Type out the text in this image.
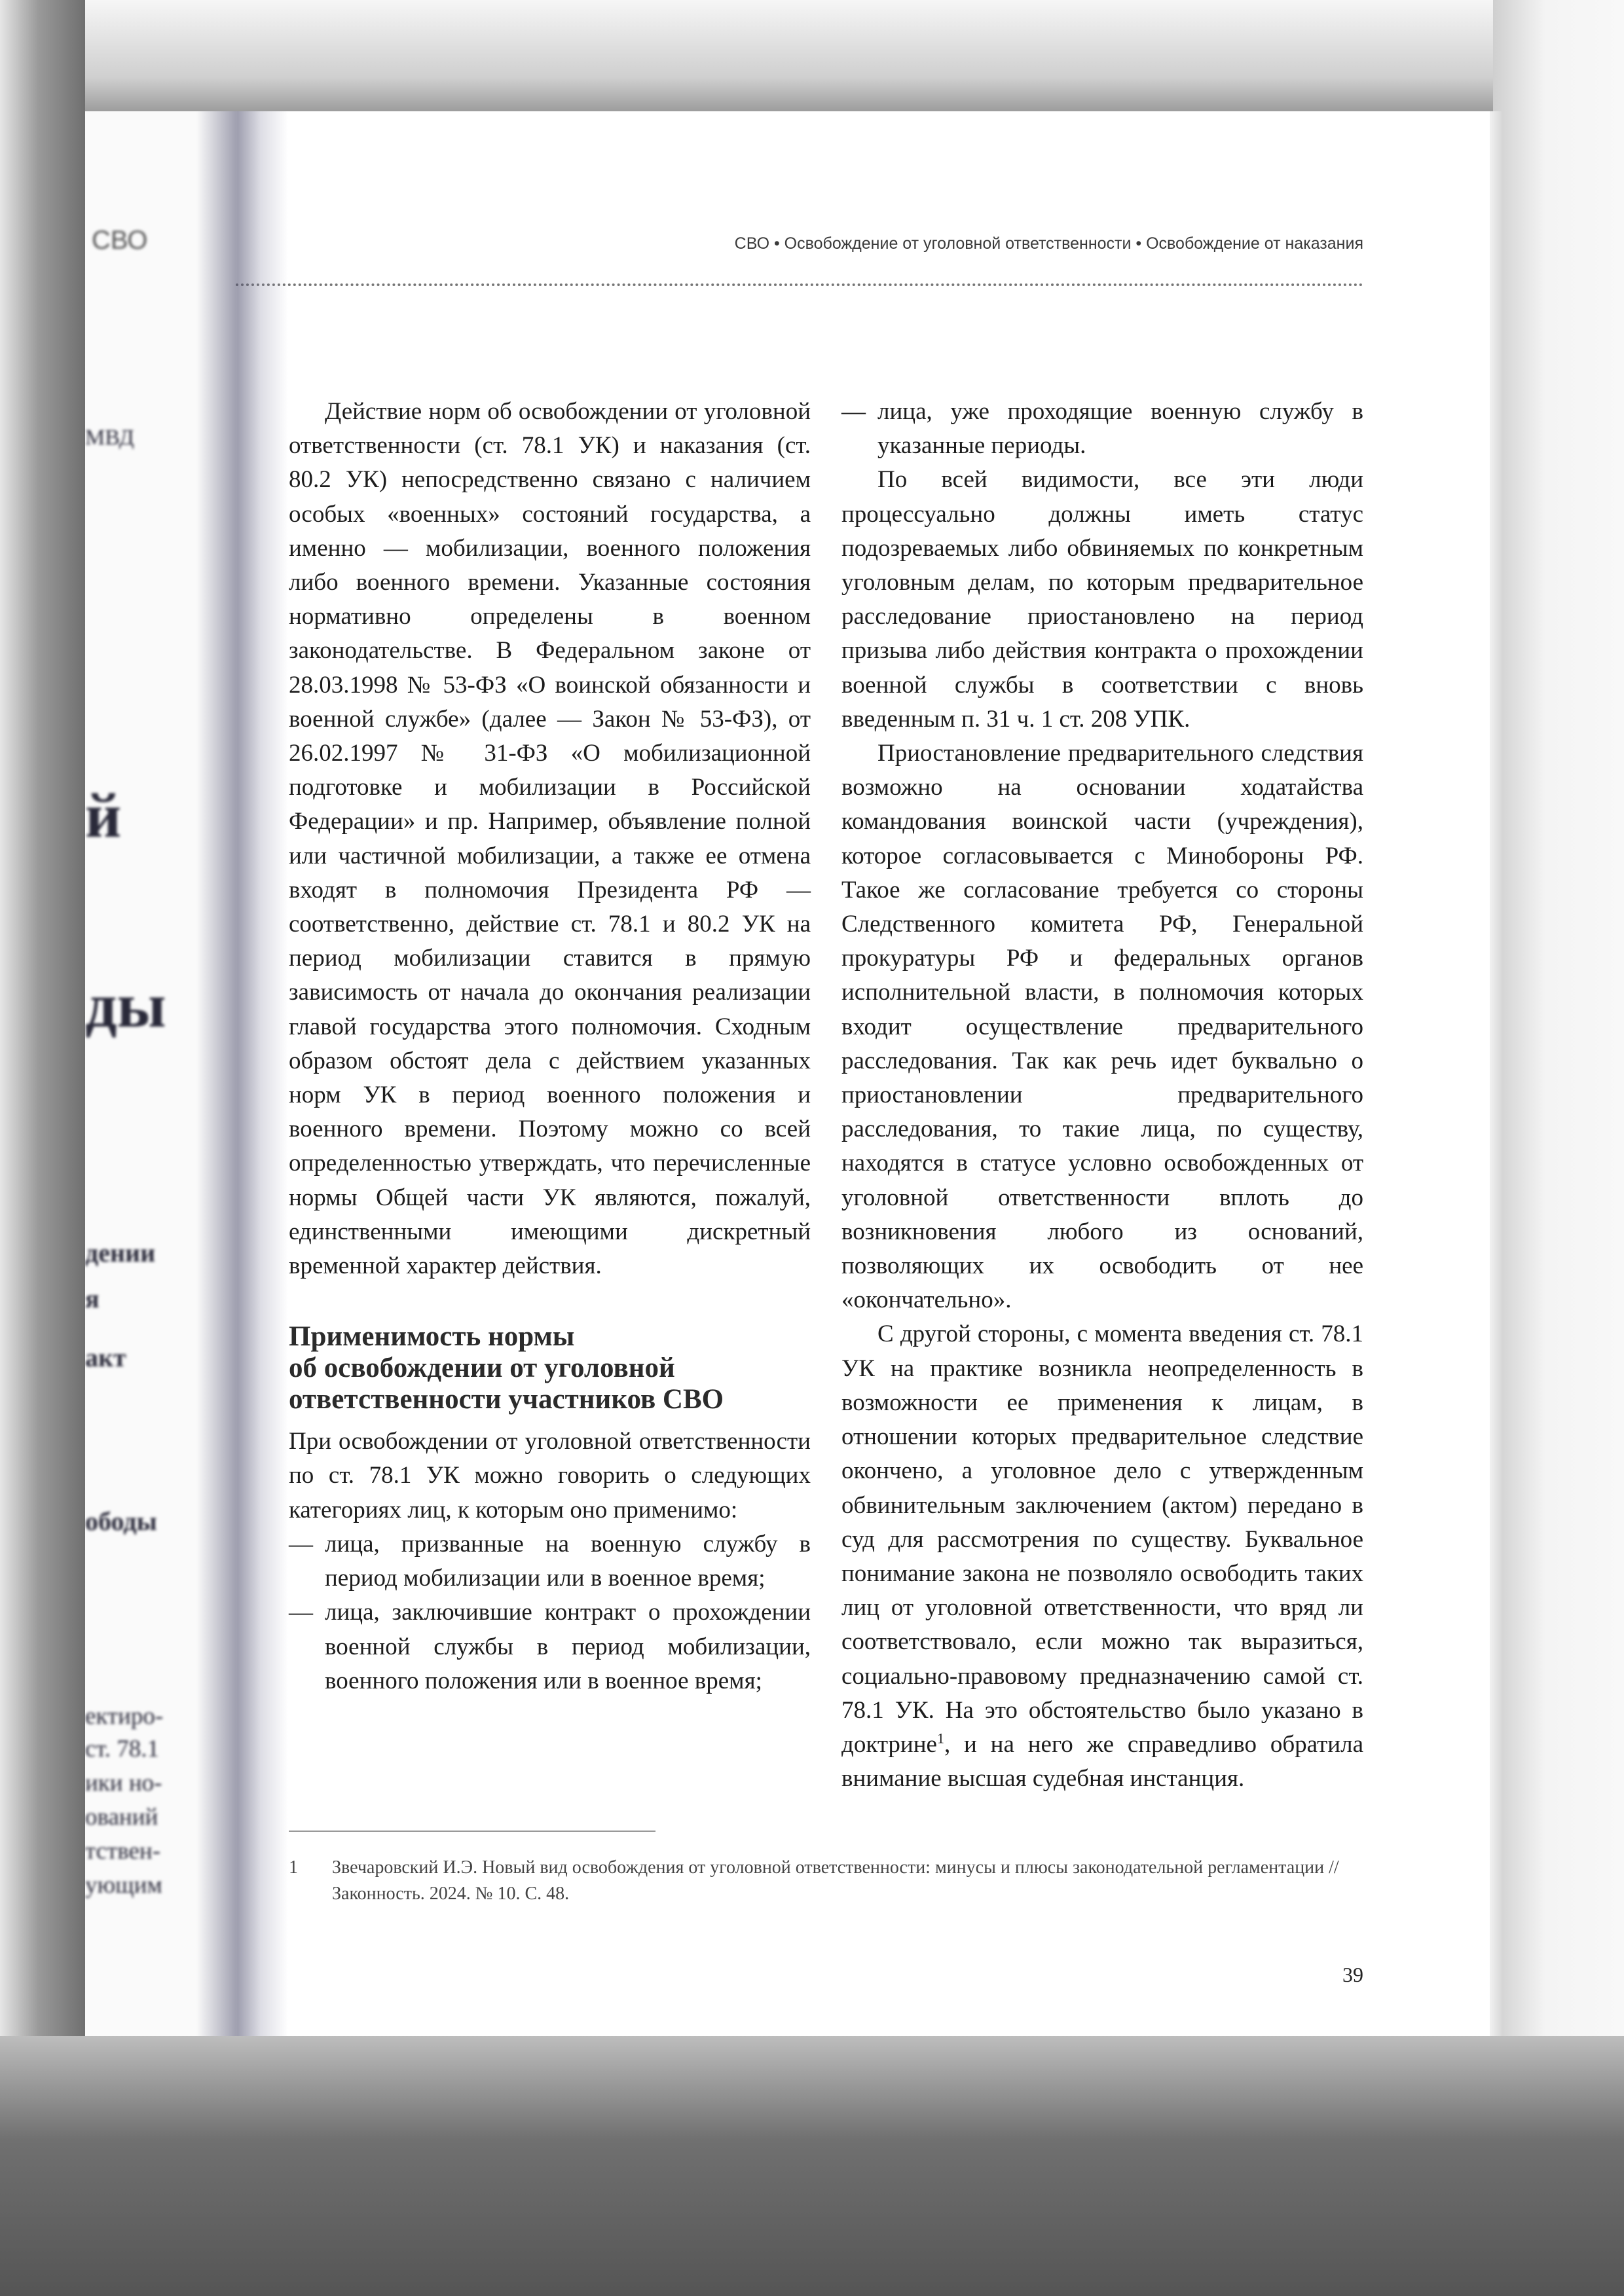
СВО
МВД
й
ды
дении
я
акт
ободы
ектиро-
ст. 78.1
ики но-
ований
тствен-
ующим
СВО • Освобождение от уголовной ответственности • Освобождение от наказания

Действие норм об освобождении от уголовной ответственности (ст. 78.1 УК) и наказания (ст. 80.2 УК) непосредственно связано с наличием особых «военных» состояний государства, а именно — мобилизации, военного положения либо военного времени. Указанные состояния нормативно определены в военном законодательстве. В Федеральном законе от 28.03.1998 № 53-ФЗ «О воинской обязанности и военной службе» (далее — Закон № 53-ФЗ), от 26.02.1997 № 31-ФЗ «О мобилизационной подготовке и мобилизации в Российской Федерации» и пр. Например, объявление полной или частичной мобилизации, а также ее отмена входят в полномочия Президента РФ — соответственно, действие ст. 78.1 и 80.2 УК на период мобилизации ставится в прямую зависимость от начала до окончания реализации главой государства этого полномочия. Сходным образом обстоят дела с действием указанных норм УК в период военного положения и военного времени. Поэтому можно со всей определенностью утверждать, что перечисленные нормы Общей части УК являются, пожалуй, единственными имеющими дискретный временной характер действия.

Применимость нормы
об освобождении от уголовной
ответственности участников СВО

При освобождении от уголовной ответственности по ст. 78.1 УК можно говорить о следующих категориях лиц, к которым оно применимо:

— лица, призванные на военную службу в период мобилизации или в военное время;

— лица, заключившие контракт о прохождении военной службы в период мобилизации, военного положения или в военное время;

— лица, уже проходящие военную службу в указанные периоды.

По всей видимости, все эти люди процессуально должны иметь статус подозреваемых либо обвиняемых по конкретным уголовным делам, по которым предварительное расследование приостановлено на период призыва либо действия контракта о прохождении военной службы в соответствии с вновь введенным п. 31 ч. 1 ст. 208 УПК.

Приостановление предварительного следствия возможно на основании ходатайства командования воинской части (учреждения), которое согласовывается с Минобороны РФ. Такое же согласование требуется со стороны Следственного комитета РФ, Генеральной прокуратуры РФ и федеральных органов исполнительной власти, в полномочия которых входит осуществление предварительного расследования. Так как речь идет буквально о приостановлении предварительного расследования, то такие лица, по существу, находятся в статусе условно освобожденных от уголовной ответственности вплоть до возникновения любого из оснований, позволяющих их освободить от нее «окончательно».

С другой стороны, с момента введения ст. 78.1 УК на практике возникла неопределенность в возможности ее применения к лицам, в отношении которых предварительное следствие окончено, а уголовное дело с утвержденным обвинительным заключением (актом) передано в суд для рассмотрения по существу. Буквальное понимание закона не позволяло освободить таких лиц от уголовной ответственности, что вряд ли соответствовало, если можно так выразиться, социально-правовому предназначению самой ст. 78.1 УК. На это обстоятельство было указано в доктрине$^1$, и на него же справедливо обратила внимание высшая судебная инстанция.

1 Звечаровский И.Э. Новый вид освобождения от уголовной ответственности: минусы и плюсы законодательной регламентации // Законность. 2024. № 10. С. 48.
39
